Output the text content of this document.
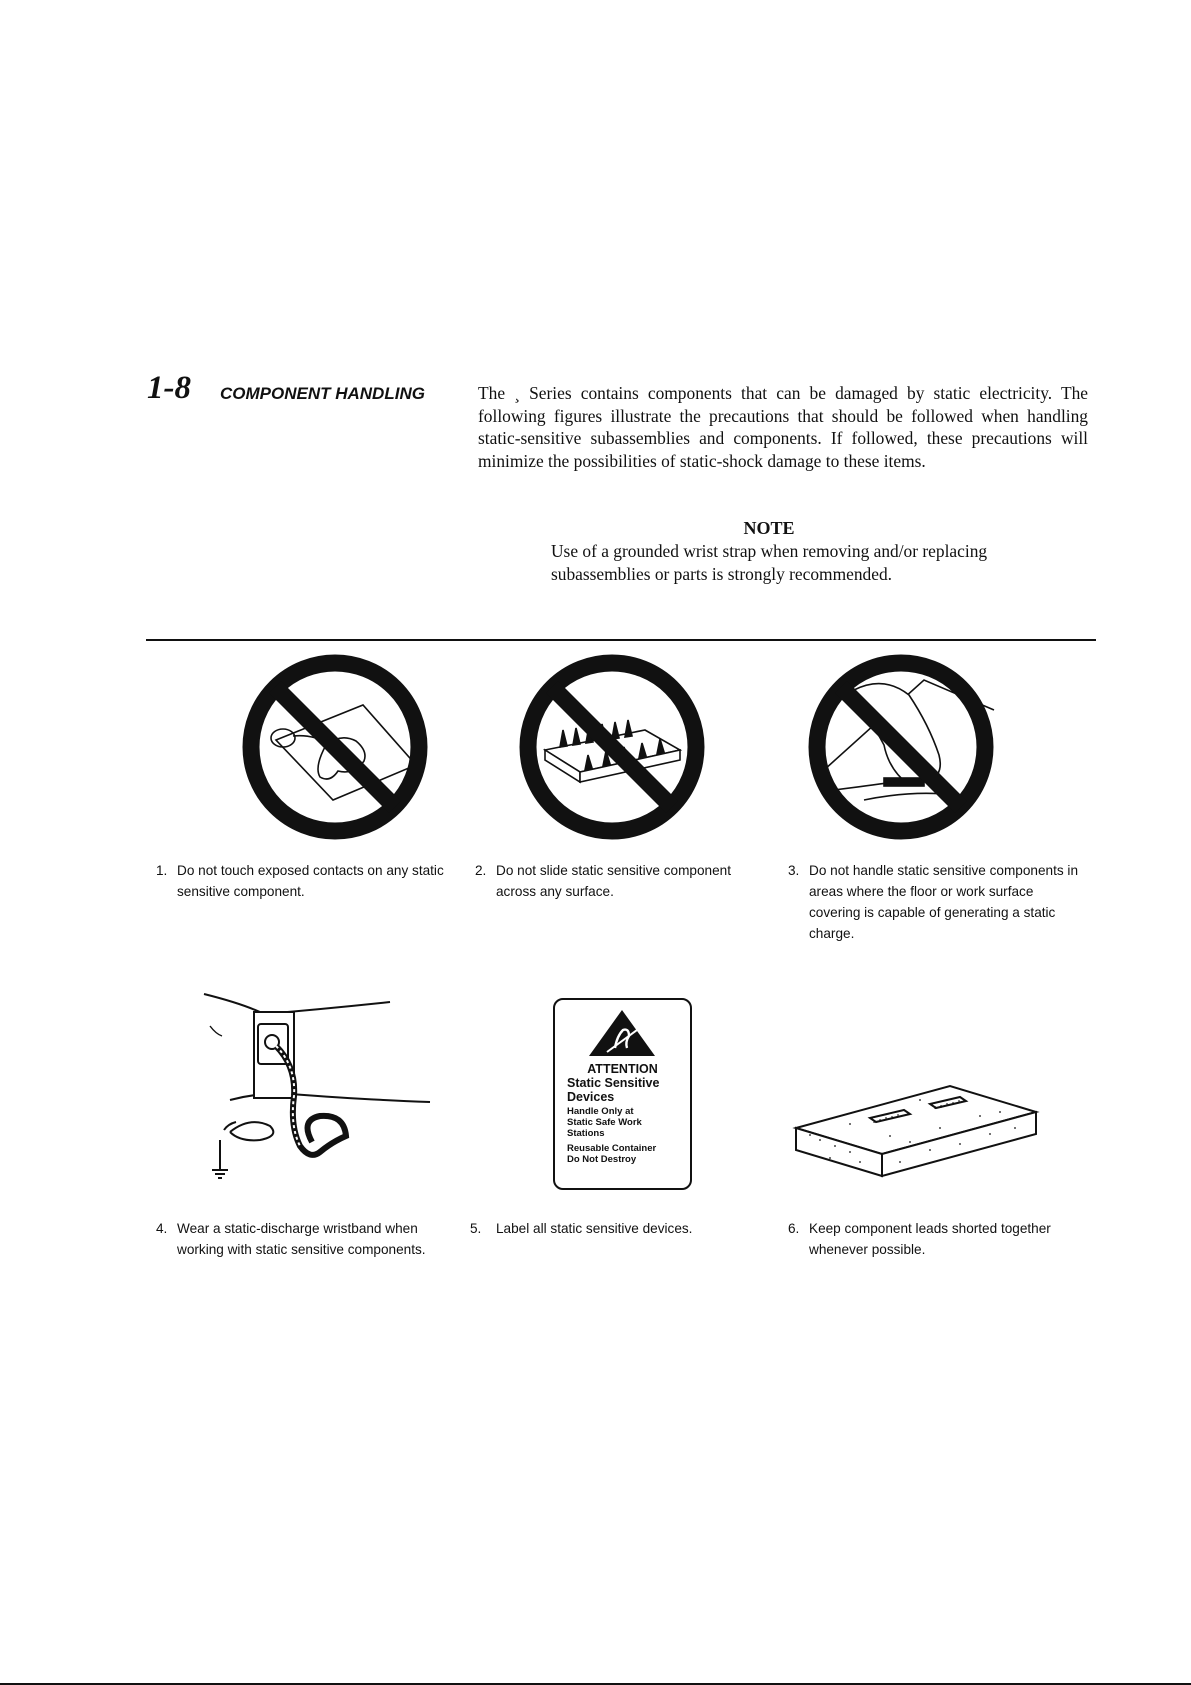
1-8 COMPONENT HANDLING	The ¸ Series contains components that can be damaged by static electricity. The following figures illustrate the precautions that should be followed when handling static-sensitive subassemblies and components. If followed, these precautions will minimize the possibilities of static-shock damage to these items.
NOTE
Use of a grounded wrist strap when removing and/or replacing subassemblies or parts is strongly recommended.
1. Do not touch exposed contacts on any static sensitive component.
2. Do not slide static sensitive component across any surface.
3. Do not handle static sensitive components in areas where the floor or work surface covering is capable of generating a static charge.
ATTENTION
Static Sensitive
Devices
Handle Only at
Static Safe Work
Stations
Reusable Container
Do Not Destroy
4. Wear a static-discharge wristband when working with static sensitive components.
5.	Label all static sensitive devices.	6. Keep component leads shorted together whenever possible.
